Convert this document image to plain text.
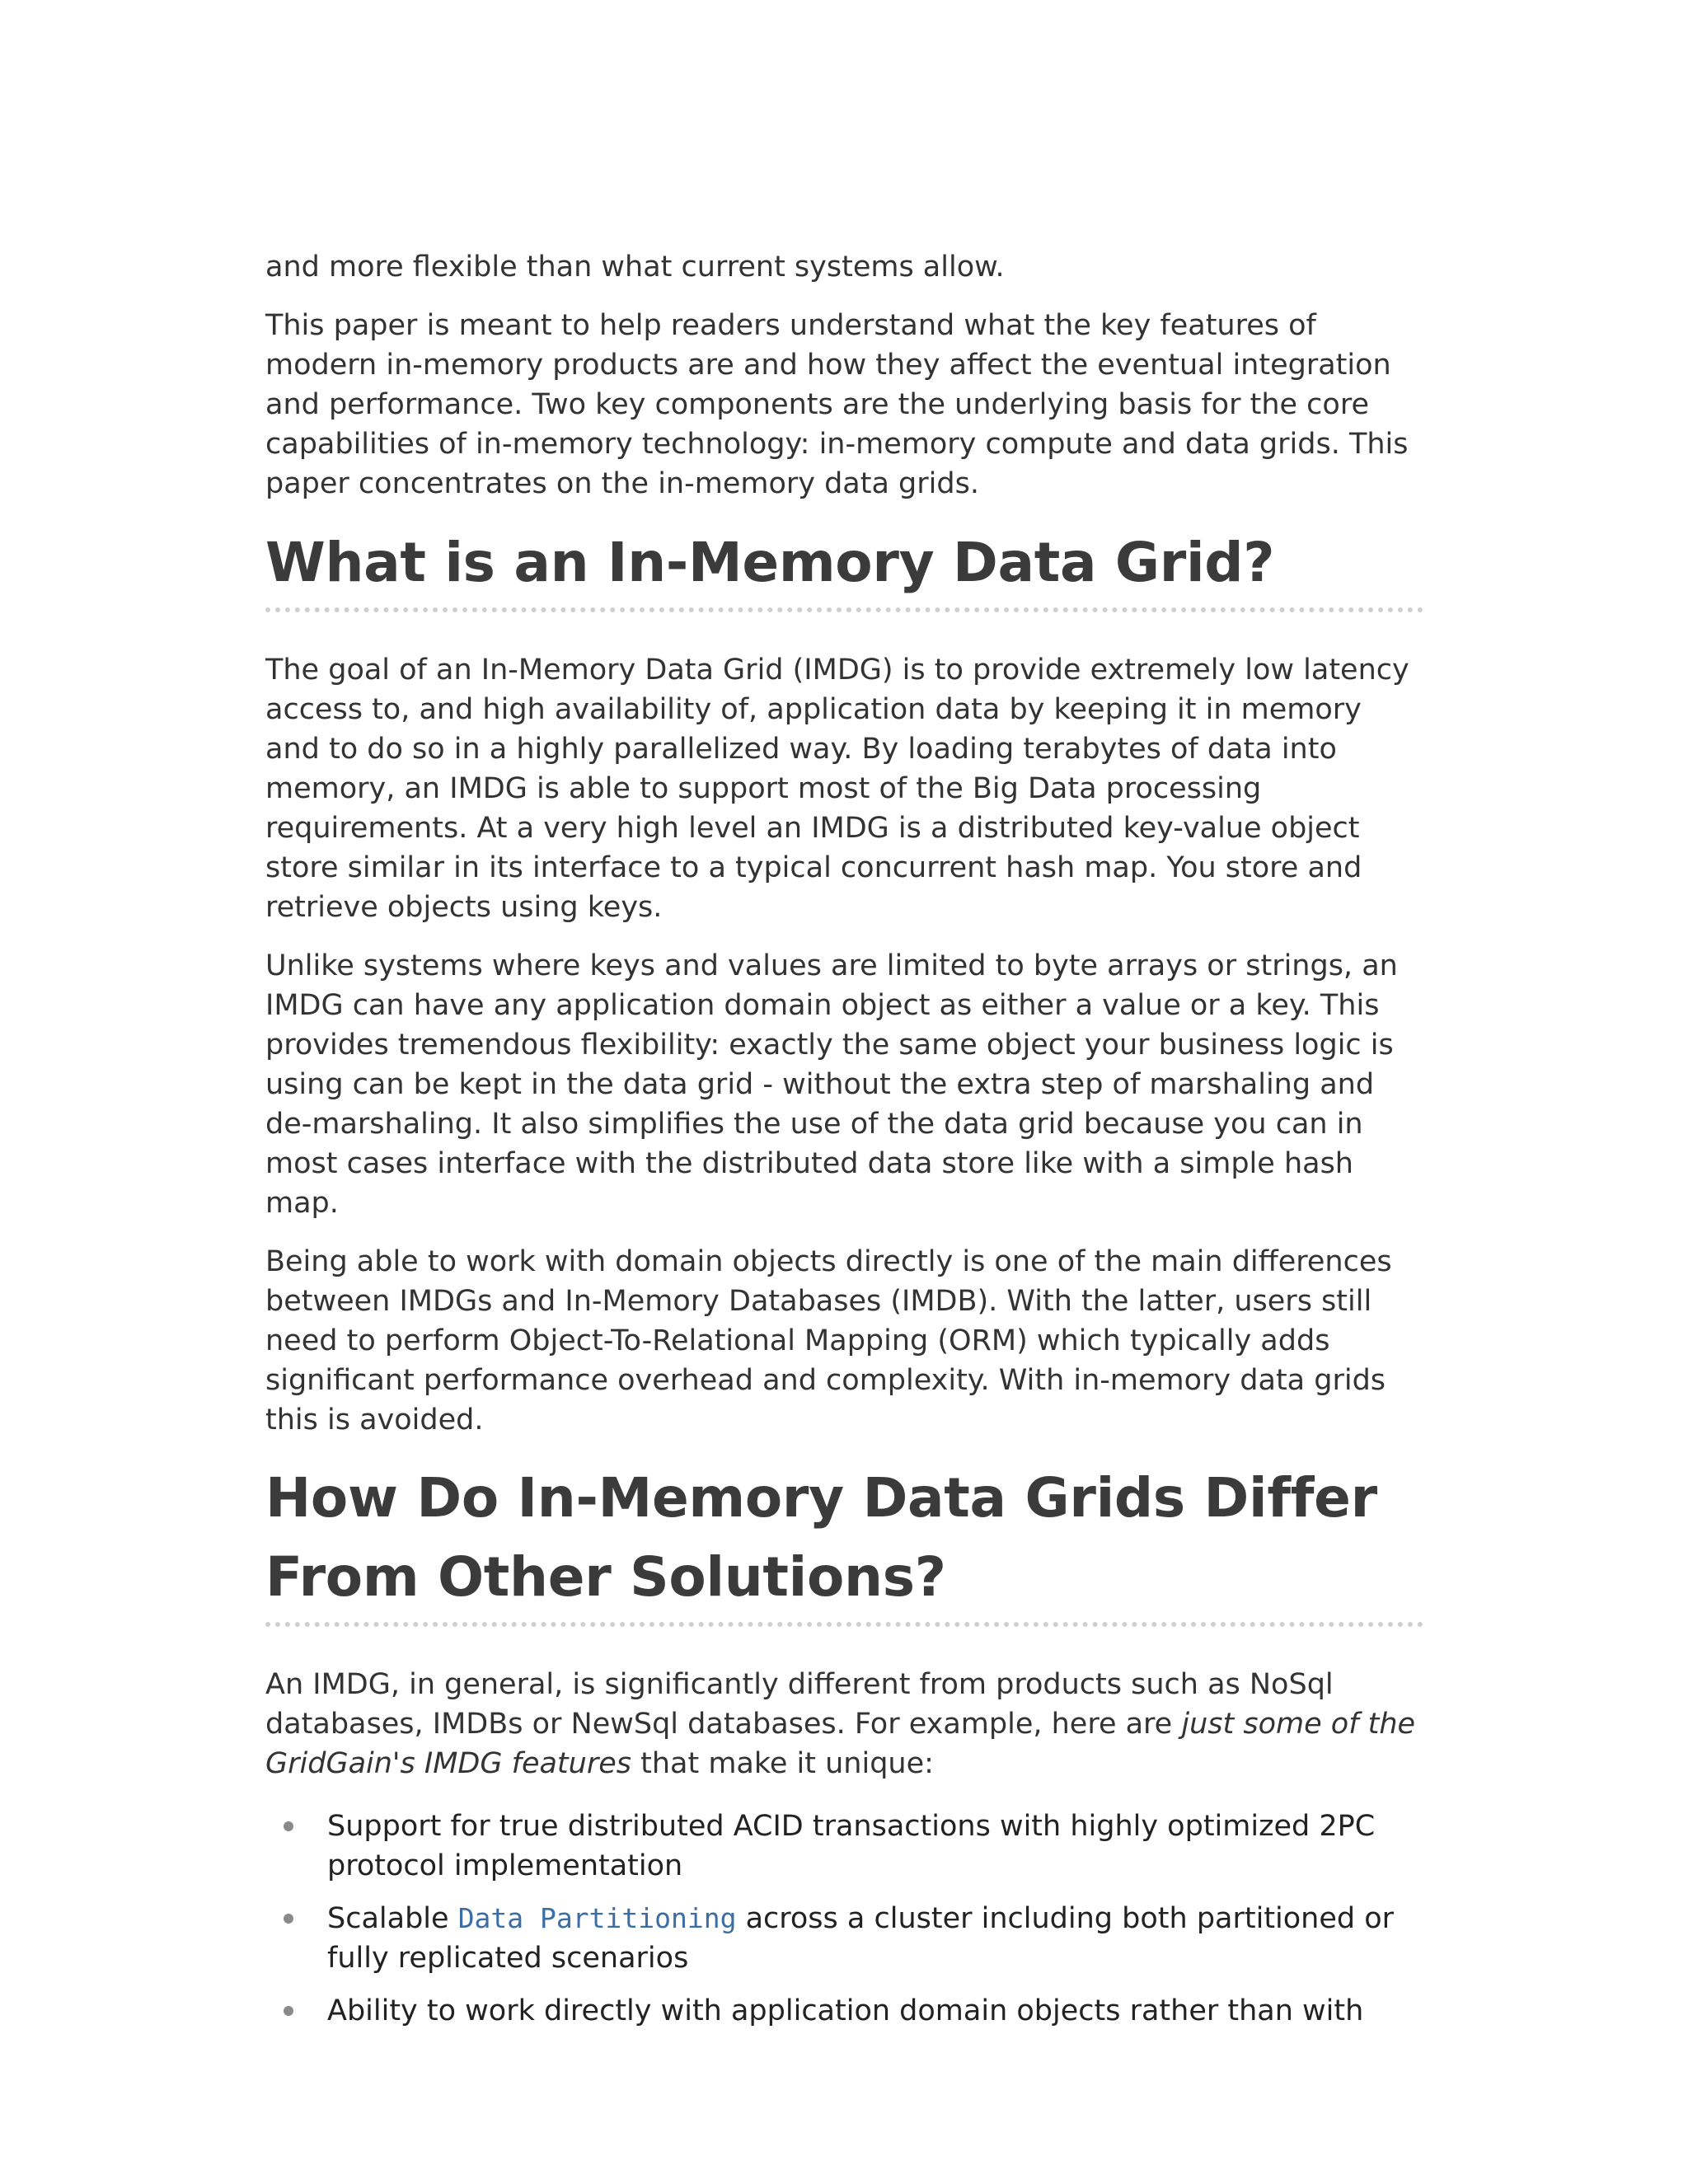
and more flexible than what current systems allow.

This paper is meant to help readers understand what the key features of modern in-memory products are and how they affect the eventual integration and performance. Two key components are the underlying basis for the core capabilities of in-memory technology: in-memory compute and data grids. This paper concentrates on the in-memory data grids.

What is an In-Memory Data Grid?

The goal of an In-Memory Data Grid (IMDG) is to provide extremely low latency access to, and high availability of, application data by keeping it in memory and to do so in a highly parallelized way. By loading terabytes of data into memory, an IMDG is able to support most of the Big Data processing requirements. At a very high level an IMDG is a distributed key-value object store similar in its interface to a typical concurrent hash map. You store and retrieve objects using keys.

Unlike systems where keys and values are limited to byte arrays or strings, an IMDG can have any application domain object as either a value or a key. This provides tremendous flexibility: exactly the same object your business logic is using can be kept in the data grid - without the extra step of marshaling and de-marshaling. It also simplifies the use of the data grid because you can in most cases interface with the distributed data store like with a simple hash map.

Being able to work with domain objects directly is one of the main differences between IMDGs and In-Memory Databases (IMDB). With the latter, users still need to perform Object-To-Relational Mapping (ORM) which typically adds significant performance overhead and complexity. With in-memory data grids this is avoided.

How Do In-Memory Data Grids Differ From Other Solutions?

An IMDG, in general, is significantly different from products such as NoSql databases, IMDBs or NewSql databases. For example, here are just some of the GridGain's IMDG features that make it unique:

Support for true distributed ACID transactions with highly optimized 2PC protocol implementation
Scalable Data Partitioning across a cluster including both partitioned or fully replicated scenarios
Ability to work directly with application domain objects rather than with
